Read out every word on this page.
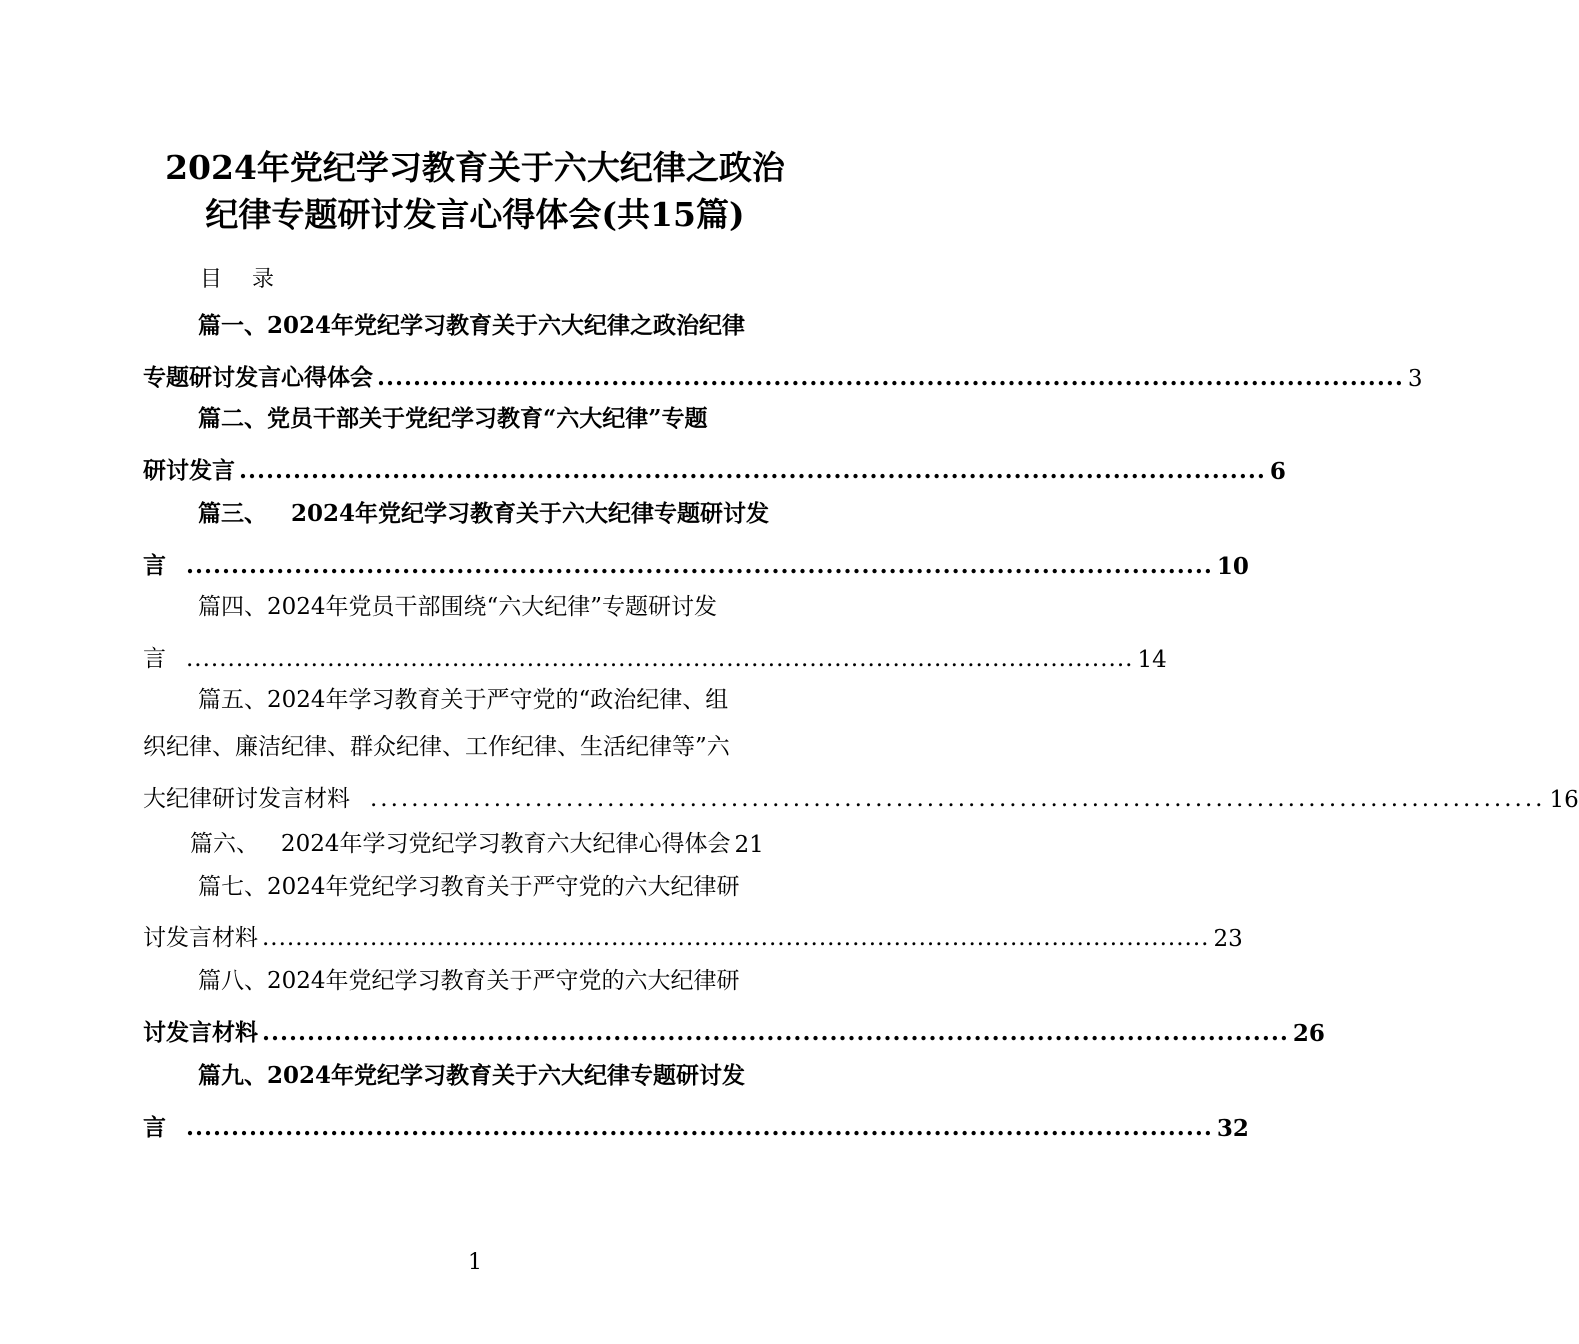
2024年党纪学习教育关于六大纪律之政治
纪律专题研讨发言心得体会(共15篇)
目 录
篇一、2024年党纪学习教育关于六大纪律之政治纪律
专题研讨发言心得体会 .................................................................................................................. 3
篇二、党员干部关于党纪学习教育“六大纪律”专题
研讨发言 .................................................................................................................. 6
篇三、   2024年党纪学习教育关于六大纪律专题研讨发
言 .................................................................................................................. 10
篇四、2024年党员干部围绕“六大纪律”专题研讨发
言 .................................................................................................................. 14
篇五、2024年学习教育关于严守党的“政治纪律、组
织纪律、廉洁纪律、群众纪律、工作纪律、生活纪律等”六
大纪律研讨发言材料 .................................................................................................................. 16
篇六、   2024年学习党纪学习教育六大纪律心得体会 21
篇七、2024年党纪学习教育关于严守党的六大纪律研
讨发言材料 .................................................................................................................. 23
篇八、2024年党纪学习教育关于严守党的六大纪律研
讨发言材料 .................................................................................................................. 26
篇九、2024年党纪学习教育关于六大纪律专题研讨发
言 .................................................................................................................. 32
1
